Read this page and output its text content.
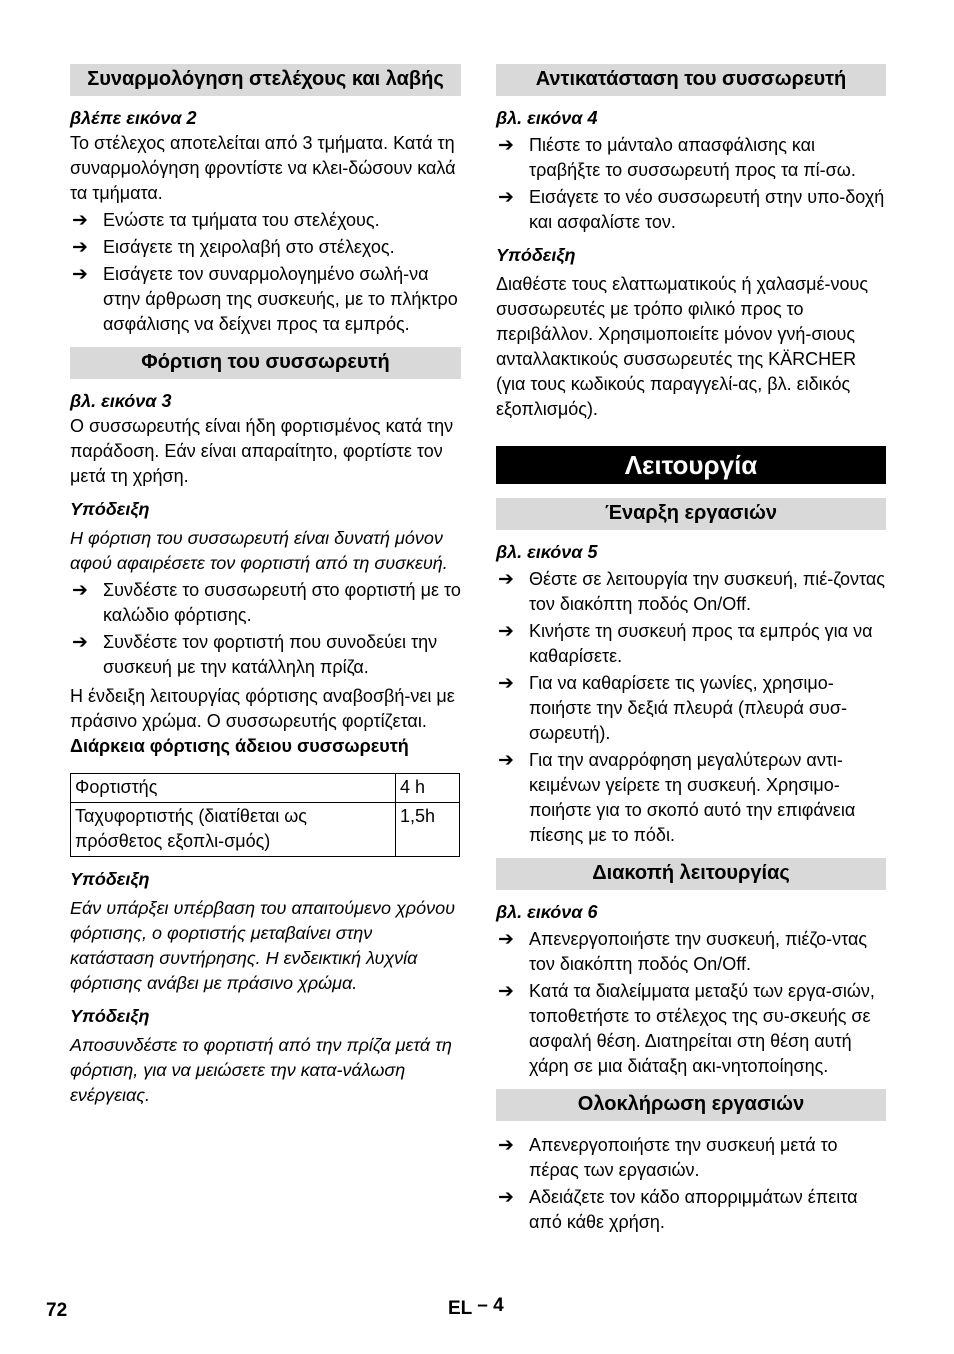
Συναρμολόγηση στελέχους και λαβής
βλέπε εικόνα 2

Το στέλεχος αποτελείται από 3 τμήματα. Κατά τη συναρμολόγηση φροντίστε να κλει-δώσουν καλά τα τμήματα.

➔ Ενώστε τα τμήματα του στελέχους.
➔ Εισάγετε τη χειρολαβή στο στέλεχος.
➔ Εισάγετε τον συναρμολογημένο σωλή-να στην άρθρωση της συσκευής, με το πλήκτρο ασφάλισης να δείχνει προς τα εμπρός.
Φόρτιση του συσσωρευτή
βλ. εικόνα 3

Ο συσσωρευτής είναι ήδη φορτισμένος κατά την παράδοση. Εάν είναι απαραίτητο, φορτίστε τον μετά τη χρήση.

Υπόδειξη

Η φόρτιση του συσσωρευτή είναι δυνατή μόνον αφού αφαιρέσετε τον φορτιστή από τη συσκευή.

➔ Συνδέστε το συσσωρευτή στο φορτιστή με το καλώδιο φόρτισης.
➔ Συνδέστε τον φορτιστή που συνοδεύει την συσκευή με την κατάλληλη πρίζα.

Η ένδειξη λειτουργίας φόρτισης αναβοσβή-νει με πράσινο χρώμα. Ο συσσωρευτής φορτίζεται.

Διάρκεια φόρτισης άδειου συσσωρευτή
Φορτιστής	4 h
Ταχυφορτιστής (διατίθεται ως πρόσθετος εξοπλι-σμός)	1,5h
Υπόδειξη

Εάν υπάρξει υπέρβαση του απαιτούμενο χρόνου φόρτισης, ο φορτιστής μεταβαίνει στην κατάσταση συντήρησης. Η ενδεικτική λυχνία φόρτισης ανάβει με πράσινο χρώμα.

Υπόδειξη

Αποσυνδέστε το φορτιστή από την πρίζα μετά τη φόρτιση, για να μειώσετε την κατα-νάλωση ενέργειας.

Αντικατάσταση του συσσωρευτή
βλ. εικόνα 4
➔ Πιέστε το μάνταλο απασφάλισης και τραβήξτε το συσσωρευτή προς τα πί-σω.
➔ Εισάγετε το νέο συσσωρευτή στην υπο-δοχή και ασφαλίστε τον.
Υπόδειξη

Διαθέστε τους ελαττωματικούς ή χαλασμέ-νους συσσωρευτές με τρόπο φιλικό προς το περιβάλλον. Χρησιμοποιείτε μόνον γνή-σιους ανταλλακτικούς συσσωρευτές της KÄRCHER (για τους κωδικούς παραγγελί-ας, βλ. ειδικός εξοπλισμός).

Λειτουργία
Έναρξη εργασιών
βλ. εικόνα 5
➔ Θέστε σε λειτουργία την συσκευή, πιέ-ζοντας τον διακόπτη ποδός On/Off.
➔ Κινήστε τη συσκευή προς τα εμπρός για να καθαρίσετε.
➔ Για να καθαρίσετε τις γωνίες, χρησιμο-ποιήστε την δεξιά πλευρά (πλευρά συσ-σωρευτή).
➔ Για την αναρρόφηση μεγαλύτερων αντι-κειμένων γείρετε τη συσκευή. Χρησιμο-ποιήστε για το σκοπό αυτό την επιφάνεια πίεσης με το πόδι.
Διακοπή λειτουργίας
βλ. εικόνα 6
➔ Απενεργοποιήστε την συσκευή, πιέζο-ντας τον διακόπτη ποδός On/Off.
➔ Κατά τα διαλείμματα μεταξύ των εργα-σιών, τοποθετήστε το στέλεχος της συ-σκευής σε ασφαλή θέση. Διατηρείται στη θέση αυτή χάρη σε μια διάταξη ακι-νητοποίησης.
Ολοκλήρωση εργασιών
➔ Απενεργοποιήστε την συσκευή μετά το πέρας των εργασιών.
➔ Αδειάζετε τον κάδο απορριμμάτων έπειτα από κάθε χρήση.
72	EL – 4
